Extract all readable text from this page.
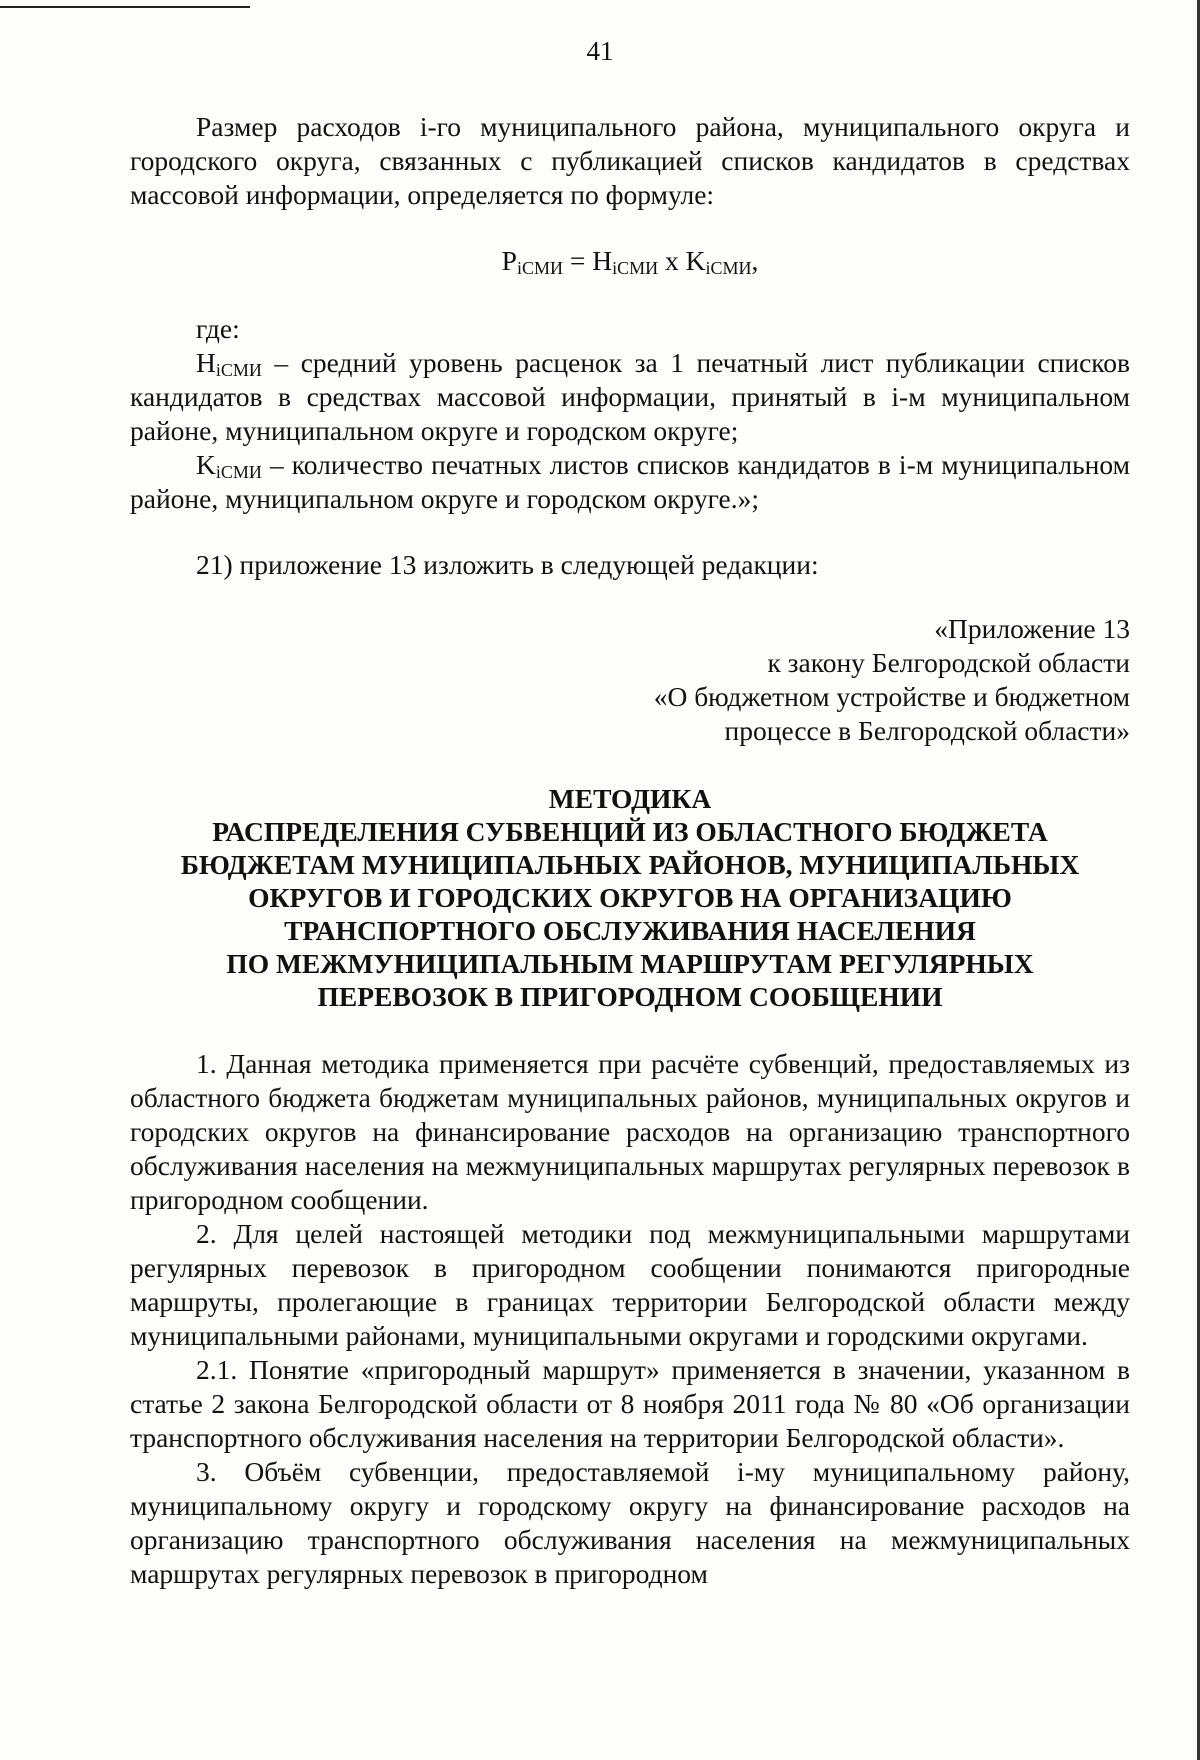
41

Размер расходов i-го муниципального района, муниципального округа и городского округа, связанных с публикацией списков кандидатов в средствах массовой информации, определяется по формуле:

$P_{iСМИ} = H_{iСМИ}$ x $K_{iСМИ}$,

где:

$H_{iСМИ}$ – средний уровень расценок за 1 печатный лист публикации списков кандидатов в средствах массовой информации, принятый в i-м муниципальном районе, муниципальном округе и городском округе;

$K_{iСМИ}$ – количество печатных листов списков кандидатов в i-м муниципальном районе, муниципальном округе и городском округе.»;

21) приложение 13 изложить в следующей редакции:

«Приложение 13
к закону Белгородской области
«О бюджетном устройстве и бюджетном
процессе в Белгородской области»
МЕТОДИКА
РАСПРЕДЕЛЕНИЯ СУБВЕНЦИЙ ИЗ ОБЛАСТНОГО БЮДЖЕТА
БЮДЖЕТАМ МУНИЦИПАЛЬНЫХ РАЙОНОВ, МУНИЦИПАЛЬНЫХ
ОКРУГОВ И ГОРОДСКИХ ОКРУГОВ НА ОРГАНИЗАЦИЮ
ТРАНСПОРТНОГО ОБСЛУЖИВАНИЯ НАСЕЛЕНИЯ
ПО МЕЖМУНИЦИПАЛЬНЫМ МАРШРУТАМ РЕГУЛЯРНЫХ
ПЕРЕВОЗОК В ПРИГОРОДНОМ СООБЩЕНИИ

1. Данная методика применяется при расчёте субвенций, предоставляемых из областного бюджета бюджетам муниципальных районов, муниципальных округов и городских округов на финансирование расходов на организацию транспортного обслуживания населения на межмуниципальных маршрутах регулярных перевозок в пригородном сообщении.

2. Для целей настоящей методики под межмуниципальными маршрутами регулярных перевозок в пригородном сообщении понимаются пригородные маршруты, пролегающие в границах территории Белгородской области между муниципальными районами, муниципальными округами и городскими округами.

2.1. Понятие «пригородный маршрут» применяется в значении, указанном в статье 2 закона Белгородской области от 8 ноября 2011 года № 80 «Об организации транспортного обслуживания населения на территории Белгородской области».

3. Объём субвенции, предоставляемой i-му муниципальному району, муниципальному округу и городскому округу на финансирование расходов на организацию транспортного обслуживания населения на межмуниципальных маршрутах регулярных перевозок в пригородном
